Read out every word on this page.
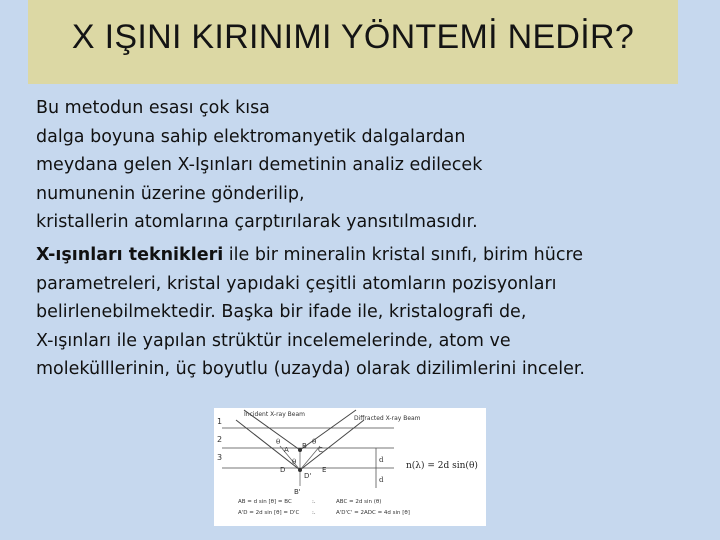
X IŞINI KIRINIMI YÖNTEMİ NEDİR?
Bu metodun esası çok kısa
dalga boyuna sahip elektromanyetik dalgalardan
meydana gelen X-Işınları demetinin analiz edilecek
numunenin üzerine gönderilip,
kristallerin atomlarına çarptırılarak yansıtılmasıdır.
X-ışınları teknikleri ile bir mineralin kristal sınıfı, birim hücre
parametreleri, kristal yapıdaki çeşitli atomların pozisyonları
belirlenebilmektedir. Başka bir ifade ile, kristalografi de,
X-ışınları ile yapılan strüktür incelemelerinde, atom ve
molekülllerinin, üç boyutlu (uzayda) olarak dizilimlerini inceler.
Incident X-ray Beam
Diffracted X-ray Beam
1
2
3
A B C
D	E
B'
D'
θ	θ
θ	d
d
n(λ) = 2d sin(θ)
AB = d sin [θ] = BC	:.	ABC = 2d sin (θ)
A'D = 2d sin [θ] = D'C :.	A'D'C' = 2ADC = 4d sin [θ]
